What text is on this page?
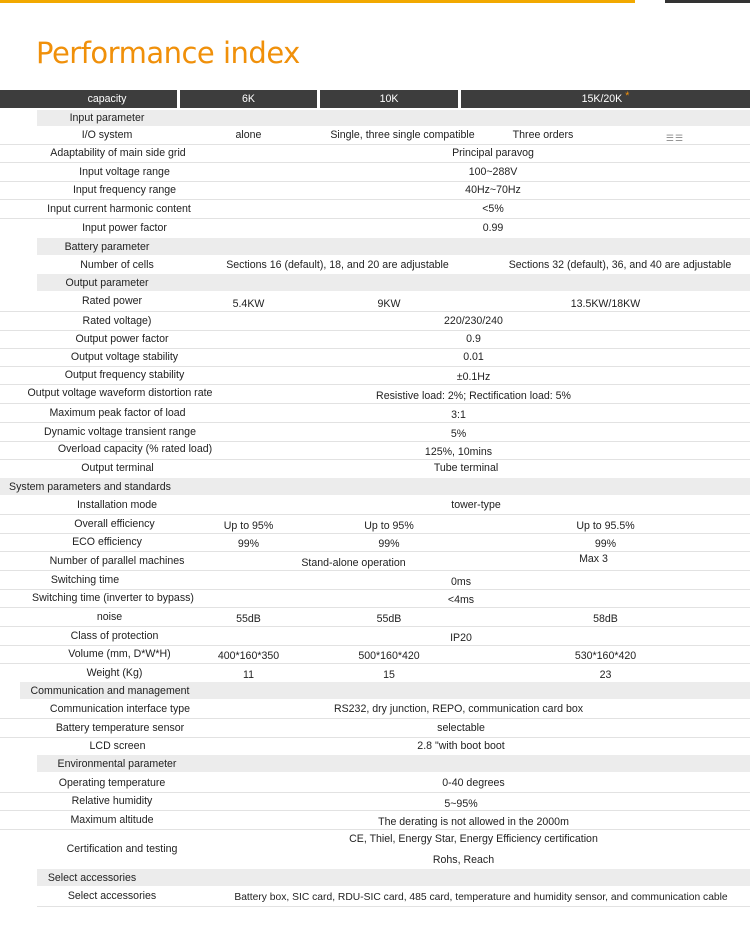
Performance index
capacity	6K	10K	15K/20K *
Input parameter
I/O system	alone	Single, three single compatible	Three orders	☰☰
Adaptability of main side grid	Principal paravog
Input voltage range	100~288V
Input frequency range	40Hz~70Hz
Input current harmonic content	<5%
Input power factor	0.99
Battery parameter
Number of cells	Sections 16 (default), 18, and 20 are adjustable	Sections 32 (default), 36, and 40 are adjustable
Output parameter
Rated power	5.4KW	9KW	13.5KW/18KW
Rated voltage)	220/230/240
Output power factor	0.9
Output voltage stability	0.01
Output frequency stability	±0.1Hz
Output voltage waveform distortion rate	Resistive load: 2%; Rectification load: 5%
Maximum peak factor of load	3:1
Dynamic voltage transient range	5%
Overload capacity (% rated load)	125%, 10mins
Output terminal	Tube terminal
System parameters and standards
Installation mode	tower-type
Overall efficiency	Up to 95%	Up to 95%	Up to 95.5%
ECO efficiency	99%	99%	99%
Number of parallel machines	Stand-alone operation	Max 3
Switching time	0ms
Switching time (inverter to bypass)	<4ms
noise	55dB	55dB	58dB
Class of protection	IP20
Volume (mm, D*W*H)	400*160*350	500*160*420	530*160*420
Weight (Kg)	11	15	23
Communication and management
Communication interface type	RS232, dry junction, REPO, communication card box
Battery temperature sensor	selectable
LCD screen	2.8 "with boot boot
Environmental parameter
Operating temperature	0-40 degrees
Relative humidity	5~95%
Maximum altitude	The derating is not allowed in the 2000m
Certification and testing
CE, Thiel, Energy Star, Energy Efficiency certification
Rohs, Reach
Select accessories
Select accessories	Battery box, SIC card, RDU-SIC card, 485 card, temperature and humidity sensor, and communication cable
